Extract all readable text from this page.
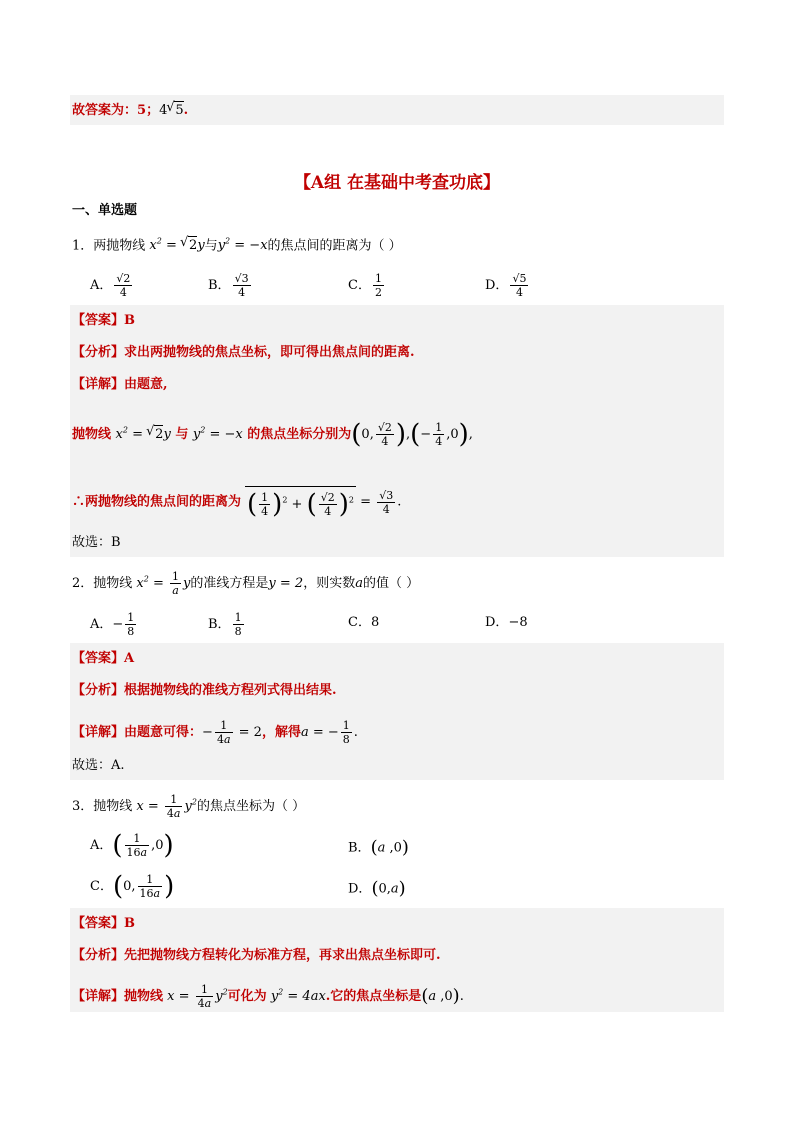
故答案为：5；4√ 5.
【A组 在基础中考查功底】
一、单选题
1．两抛物线 $x^2$ = √ 2y与$y^2 = -x$的焦点间的距离为（ ）
A． $\frac{√2}{4}$	B． $\frac{√3}{4}$	C． $\frac{1}{2}$	D． $\frac{√5}{4}$
【答案】B
【分析】求出两抛物线的焦点坐标，即可得出焦点间的距离.
【详解】由题意,
抛物线 $x^2$ = √ 2y 与 $y^2 = -x$ 的焦点坐标分别为(0, $\frac{√2}{4}$ ),(− $\frac{1}{4} ,0$),
∴两抛物线的焦点间的距离为 ( $\frac{1}{4} )^2$ + ( $\frac{√2}{4} )^2 = \frac{√3}{4}$ .
故选：B
2．抛物线 $x^2 = \frac{1}{a}$ y的准线方程是y = 2，则实数a的值（ ）
A．− $\frac{1}{8}$	B． $\frac{1}{8}$	C．8	D．−8
【答案】A
【分析】根据抛物线的准线方程列式得出结果.
【详解】由题意可得：− $\frac{1}{4a} = 2$，解得a = − $\frac{1}{8}$ .
故选：A.
3．抛物线 $x = \frac{1}{4a} y^2$的焦点坐标为（ ）
A．( $\frac{1}{16a} ,0$)	B．(a ,0)
C．(0, $\frac{1}{16a}$ )	D．(0,a)
【答案】B
【分析】先把抛物线方程转化为标准方程，再求出焦点坐标即可.
【详解】抛物线 $x = \frac{1}{4a} y^2$可化为 $y^2 = 4ax$.它的焦点坐标是(a ,0).
